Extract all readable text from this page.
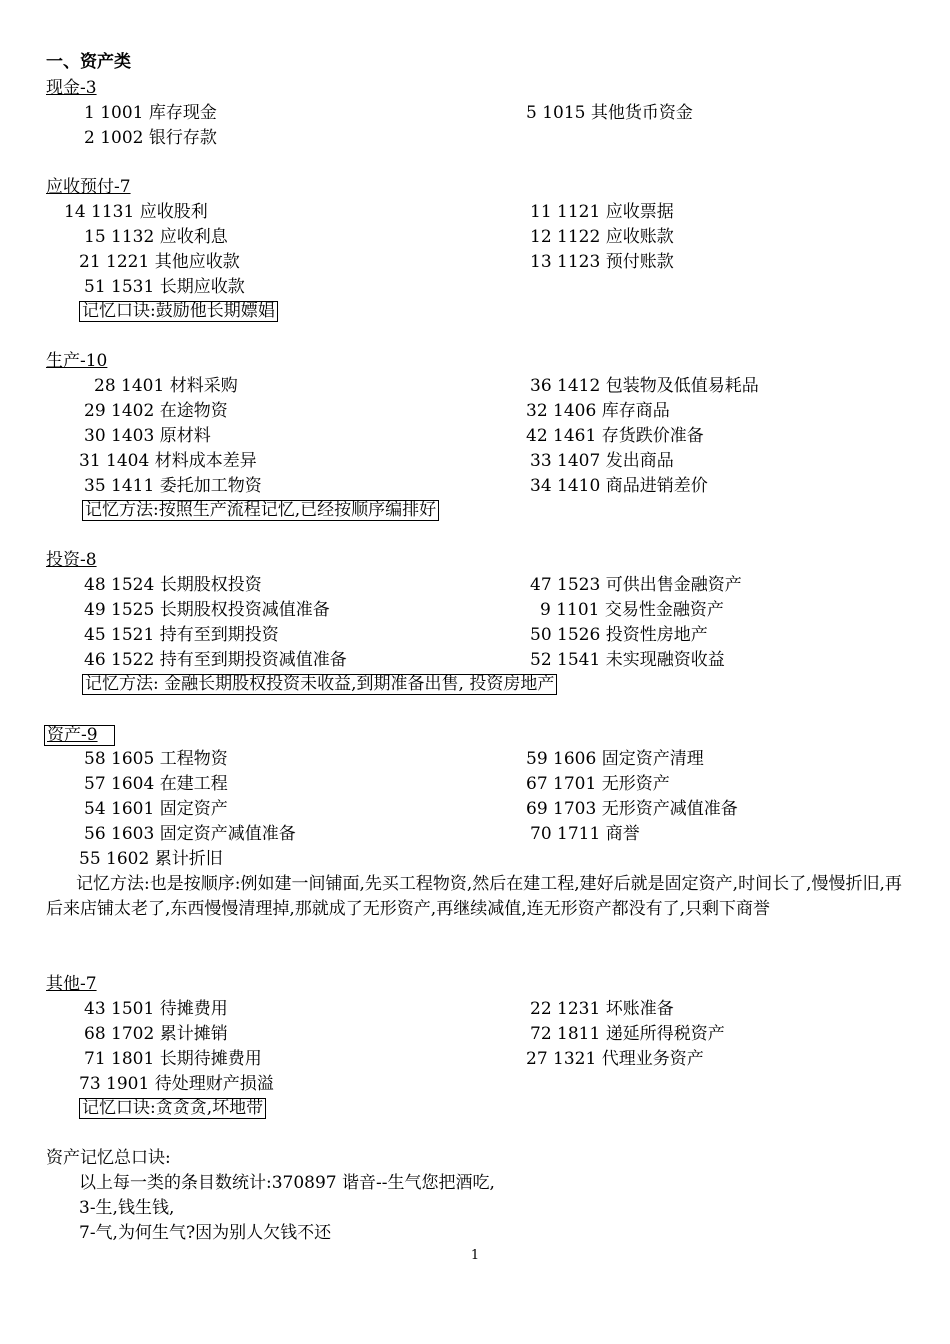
一、资产类
现金-3
1 1001 库存现金
2 1002 银行存款
5 1015 其他货币资金
应收预付-7
14 1131 应收股利
15 1132 应收利息
21 1221 其他应收款
51 1531 长期应收款
11 1121 应收票据
12 1122 应收账款
13 1123 预付账款
记忆口诀:鼓励他长期嫖娼
生产-10
28 1401 材料采购
29 1402 在途物资
30 1403 原材料
31 1404 材料成本差异
35 1411 委托加工物资
36 1412 包装物及低值易耗品
32 1406 库存商品
42 1461 存货跌价准备
33 1407 发出商品
34 1410 商品进销差价
记忆方法:按照生产流程记忆,已经按顺序编排好
投资-8
48 1524 长期股权投资
49 1525 长期股权投资减值准备
45 1521 持有至到期投资
46 1522 持有至到期投资减值准备
47 1523 可供出售金融资产
9 1101 交易性金融资产
50 1526 投资性房地产
52 1541 未实现融资收益
记忆方法: 金融长期股权投资未收益,到期准备出售, 投资房地产
资产-9
58 1605 工程物资
57 1604 在建工程
54 1601 固定资产
56 1603 固定资产减值准备
55 1602 累计折旧
59 1606 固定资产清理
67 1701 无形资产
69 1703 无形资产减值准备
70 1711 商誉
记忆方法:也是按顺序:例如建一间铺面,先买工程物资,然后在建工程,建好后就是固定资产,时间长了,慢慢折旧,再后来店铺太老了,东西慢慢清理掉,那就成了无形资产,再继续减值,连无形资产都没有了,只剩下商誉
其他-7
43 1501 待摊费用
68 1702 累计摊销
71 1801 长期待摊费用
73 1901 待处理财产损溢
22 1231 坏账准备
72 1811 递延所得税资产
27 1321 代理业务资产
记忆口诀:贪贪贪,坏地带
资产记忆总口诀:
以上每一类的条目数统计:370897 谐音--生气您把酒吃,
3-生,钱生钱,
7-气,为何生气?因为别人欠钱不还
1
